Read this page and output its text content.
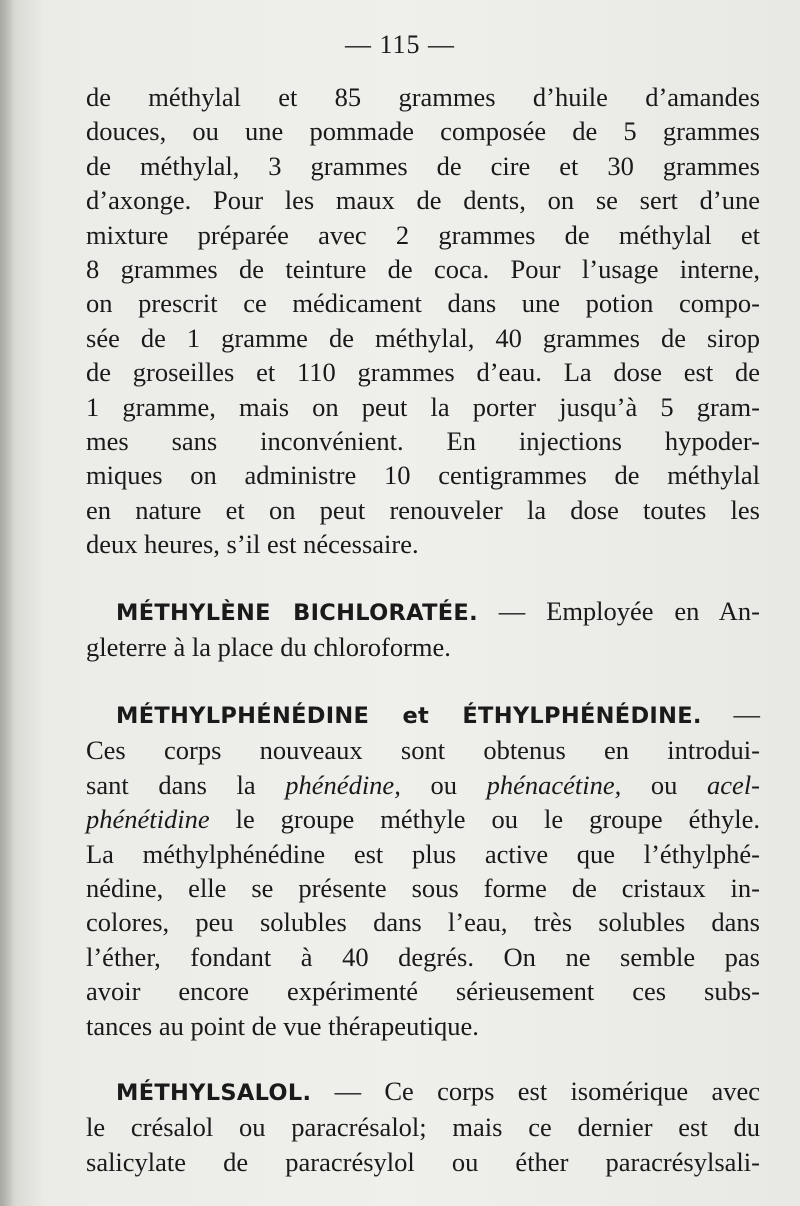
— 115 —
de méthylal et 85 grammes d’huile d’amandes
douces, ou une pommade composée de 5 grammes
de méthylal, 3 grammes de cire et 30 grammes
d’axonge. Pour les maux de dents, on se sert d’une
mixture préparée avec 2 grammes de méthylal et
8 grammes de teinture de coca. Pour l’usage interne,
on prescrit ce médicament dans une potion compo-
sée de 1 gramme de méthylal, 40 grammes de sirop
de groseilles et 110 grammes d’eau. La dose est de
1 gramme, mais on peut la porter jusqu’à 5 gram-
mes sans inconvénient. En injections hypoder-
miques on administre 10 centigrammes de méthylal
en nature et on peut renouveler la dose toutes les
deux heures, s’il est nécessaire.
MÉTHYLÈNE BICHLORATÉE. — Employée en An-
gleterre à la place du chloroforme.
MÉTHYLPHÉNÉDINE et ÉTHYLPHÉNÉDINE. —
Ces corps nouveaux sont obtenus en introdui-
sant dans la phénédine, ou phénacétine, ou acel-
phénétidine le groupe méthyle ou le groupe éthyle.
La méthylphénédine est plus active que l’éthylphé-
nédine, elle se présente sous forme de cristaux in-
colores, peu solubles dans l’eau, très solubles dans
l’éther, fondant à 40 degrés. On ne semble pas
avoir encore expérimenté sérieusement ces subs-
tances au point de vue thérapeutique.
MÉTHYLSALOL. — Ce corps est isomérique avec
le crésalol ou paracrésalol; mais ce dernier est du
salicylate de paracrésylol ou éther paracrésylsali-
